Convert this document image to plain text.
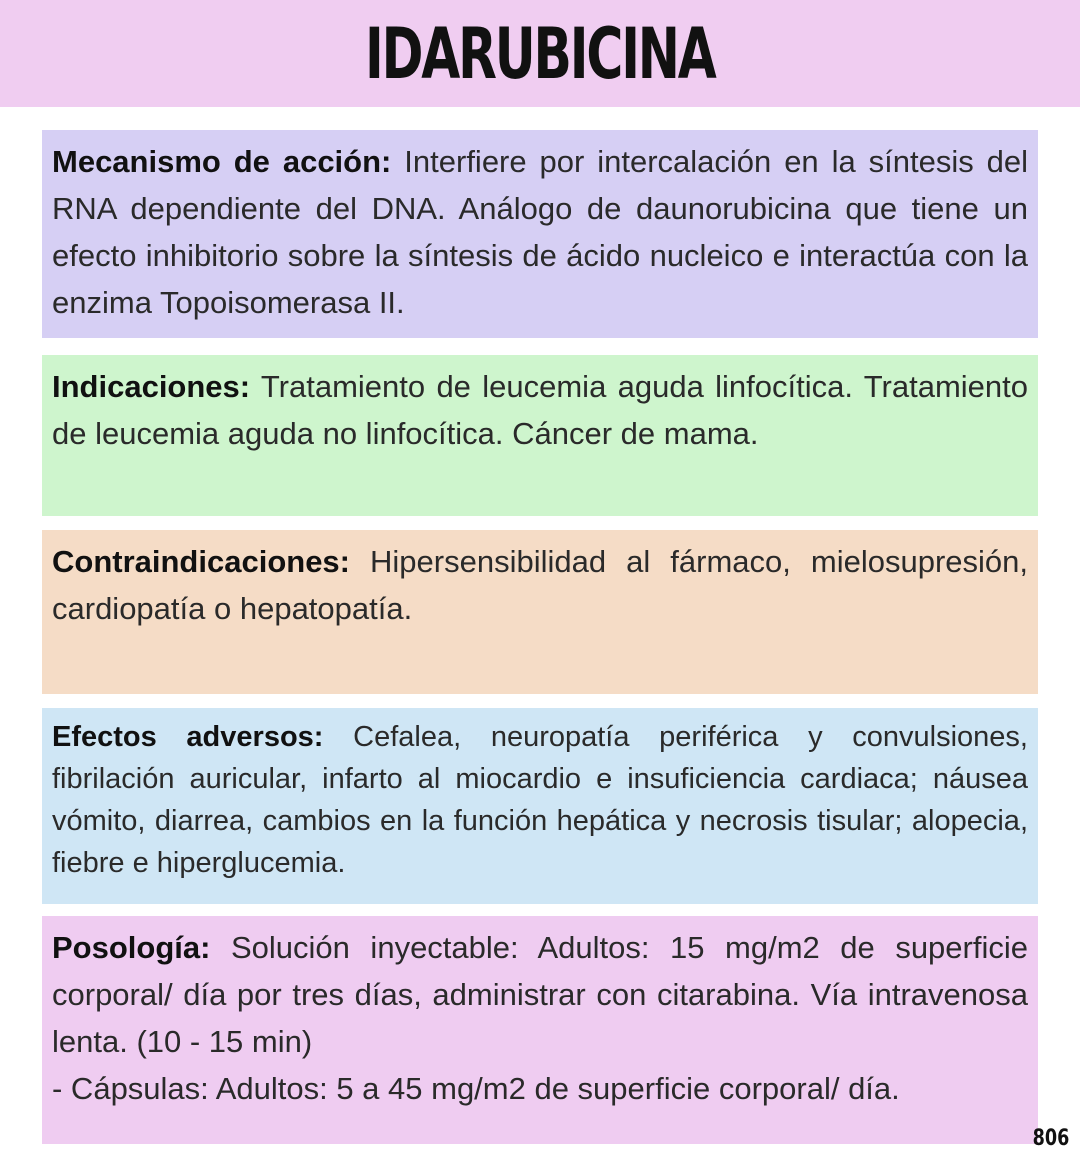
IDARUBICINA
Mecanismo de acción: Interfiere por intercalación en la síntesis del RNA dependiente del DNA. Análogo de daunorubicina que tiene un efecto inhibitorio sobre la síntesis de ácido nucleico e interactúa con la enzima Topoisomerasa II.
Indicaciones: Tratamiento de leucemia aguda linfocítica. Tratamiento de leucemia aguda no linfocítica. Cáncer de mama.
Contraindicaciones: Hipersensibilidad al fármaco, mielosupresión, cardiopatía o hepatopatía.
Efectos adversos: Cefalea, neuropatía periférica y convulsiones, fibrilación auricular, infarto al miocardio e insuficiencia cardiaca; náusea vómito, diarrea, cambios en la función hepática y necrosis tisular; alopecia, fiebre e hiperglucemia.
Posología: Solución inyectable: Adultos: 15 mg/m2 de superficie corporal/ día por tres días, administrar con citarabina. Vía intravenosa lenta. (10 - 15 min)
- Cápsulas: Adultos: 5 a 45 mg/m2 de superficie corporal/ día.
806
